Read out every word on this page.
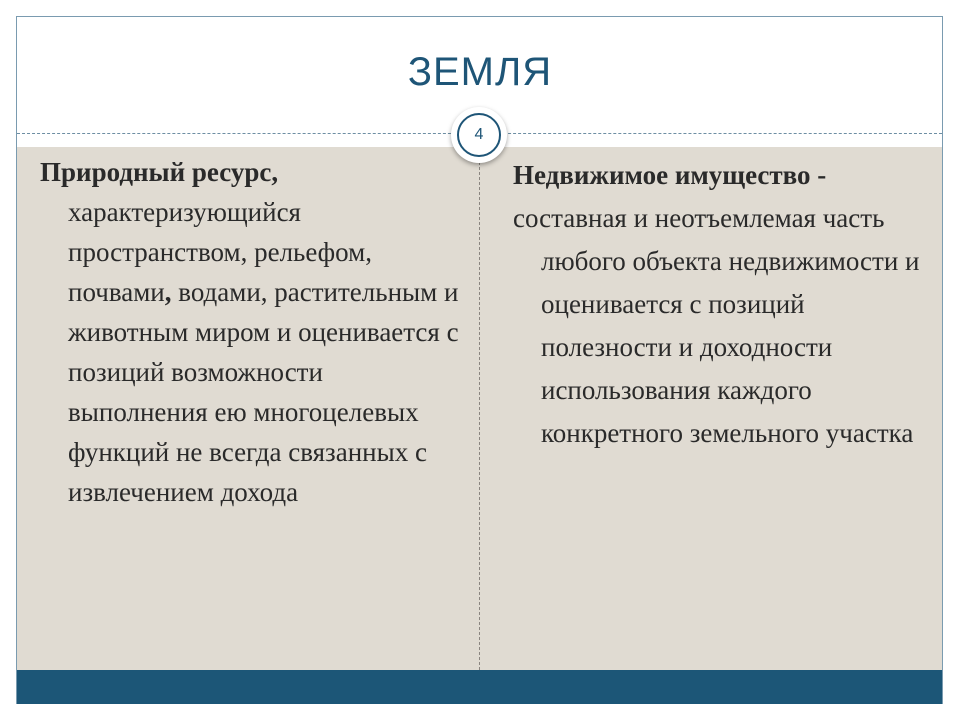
ЗЕМЛЯ
4

Природный ресурс, характеризующийся пространством, рельефом, почвами, водами, растительным и животным миром и оценивается с позиций возможности выполнения ею многоцелевых функций не всегда связанных с извлечением дохода

Недвижимое имущество -

составная и неотъемлемая часть любого объекта недвижимости и оценивается с позиций полезности и доходности использования каждого конкретного земельного участка
